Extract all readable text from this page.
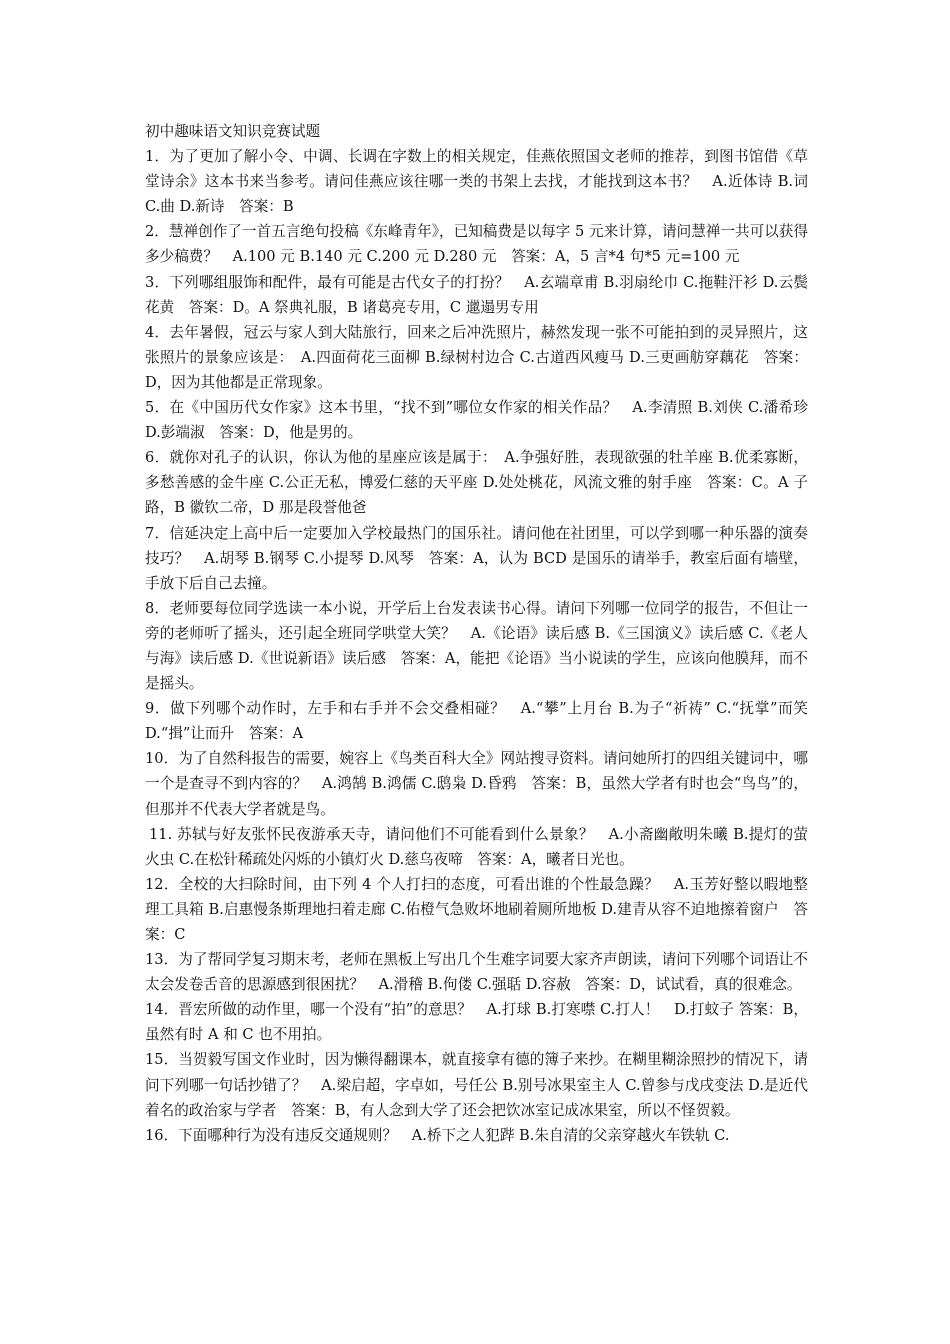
初中趣味语文知识竞赛试题

1．为了更加了解小令、中调、长调在字数上的相关规定，佳燕依照国文老师的推荐，到图书馆借《草堂诗余》这本书来当参考。请问佳燕应该往哪一类的书架上去找，才能找到这本书？　A.近体诗 B.词 C.曲 D.新诗　答案：B

2．慧禅创作了一首五言绝句投稿《东峰青年》，已知稿费是以每字 5 元来计算，请问慧禅一共可以获得多少稿费？　A.100 元 B.140 元 C.200 元 D.280 元　答案：A，5 言*4 句*5 元=100 元

3．下列哪组服饰和配件，最有可能是古代女子的打扮？　A.玄端章甫 B.羽扇纶巾 C.拖鞋汗衫 D.云鬓花黄　答案：D。A 祭典礼服，B 诸葛亮专用，C 邋遢男专用

4．去年暑假，冠云与家人到大陆旅行，回来之后冲洗照片，赫然发现一张不可能拍到的灵异照片，这张照片的景象应该是：　A.四面荷花三面柳 B.绿树村边合 C.古道西风瘦马 D.三更画舫穿藕花　答案：D，因为其他都是正常现象。

5．在《中国历代女作家》这本书里，“找不到”哪位女作家的相关作品？　A.李清照 B.刘侠 C.潘希珍 D.彭端淑　答案：D，他是男的。

6．就你对孔子的认识，你认为他的星座应该是属于：　A.争强好胜，表现欲强的牡羊座 B.优柔寡断，多愁善感的金牛座 C.公正无私，博爱仁慈的天平座 D.处处桃花，风流文雅的射手座　答案：C。A 子路，B 徽钦二帝，D 那是段誉他爸

7．信延决定上高中后一定要加入学校最热门的国乐社。请问他在社团里，可以学到哪一种乐器的演奏技巧？　A.胡琴 B.钢琴 C.小提琴 D.风琴　答案：A，认为 BCD 是国乐的请举手，教室后面有墙壁，手放下后自己去撞。

8．老师要每位同学选读一本小说，开学后上台发表读书心得。请问下列哪一位同学的报告，不但让一旁的老师听了摇头，还引起全班同学哄堂大笑？　A.《论语》读后感 B.《三国演义》读后感 C.《老人与海》读后感 D.《世说新语》读后感　答案：A，能把《论语》当小说读的学生，应该向他膜拜，而不是摇头。

9．做下列哪个动作时，左手和右手并不会交叠相碰？　A.“攀”上月台 B.为子“祈祷” C.“抚掌”而笑 D.“揖”让而升　答案：A

10．为了自然科报告的需要，婉容上《鸟类百科大全》网站搜寻资料。请问她所打的四组关键词中，哪一个是查寻不到内容的？　A.鸿鹄 B.鸿儒 C.鸱枭 D.昏鸦　答案：B，虽然大学者有时也会“鸟鸟”的，但那并不代表大学者就是鸟。

11. 苏轼与好友张怀民夜游承天寺，请问他们不可能看到什么景象？　A.小斋幽敞明朱曦 B.提灯的萤火虫 C.在松针稀疏处闪烁的小镇灯火 D.慈乌夜啼　答案：A，曦者日光也。

12．全校的大扫除时间，由下列 4 个人打扫的态度，可看出谁的个性最急躁？　A.玉芳好整以暇地整理工具箱 B.启惠慢条斯理地扫着走廊 C.佑橙气急败坏地刷着厕所地板 D.建青从容不迫地擦着窗户　答案：C

13．为了帮同学复习期末考，老师在黑板上写出几个生难字词要大家齐声朗读，请问下列哪个词语让不太会发卷舌音的思源感到很困扰？　A.滑稽 B.佝偻 C.强聒 D.容赦　答案：D，试试看，真的很难念。

14．晋宏所做的动作里，哪一个没有“拍”的意思？　A.打球 B.打寒噤 C.打人！　D.打蚊子 答案：B，虽然有时 A 和 C 也不用拍。

15．当贺毅写国文作业时，因为懒得翻课本，就直接拿有德的簿子来抄。在糊里糊涂照抄的情况下，请问下列哪一句话抄错了？　A.梁启超，字卓如，号任公 B.别号冰果室主人 C.曾参与戊戌变法 D.是近代着名的政治家与学者　答案：B，有人念到大学了还会把饮冰室记成冰果室，所以不怪贺毅。

16．下面哪种行为没有违反交通规则？　A.桥下之人犯跸 B.朱自清的父亲穿越火车铁轨 C.
